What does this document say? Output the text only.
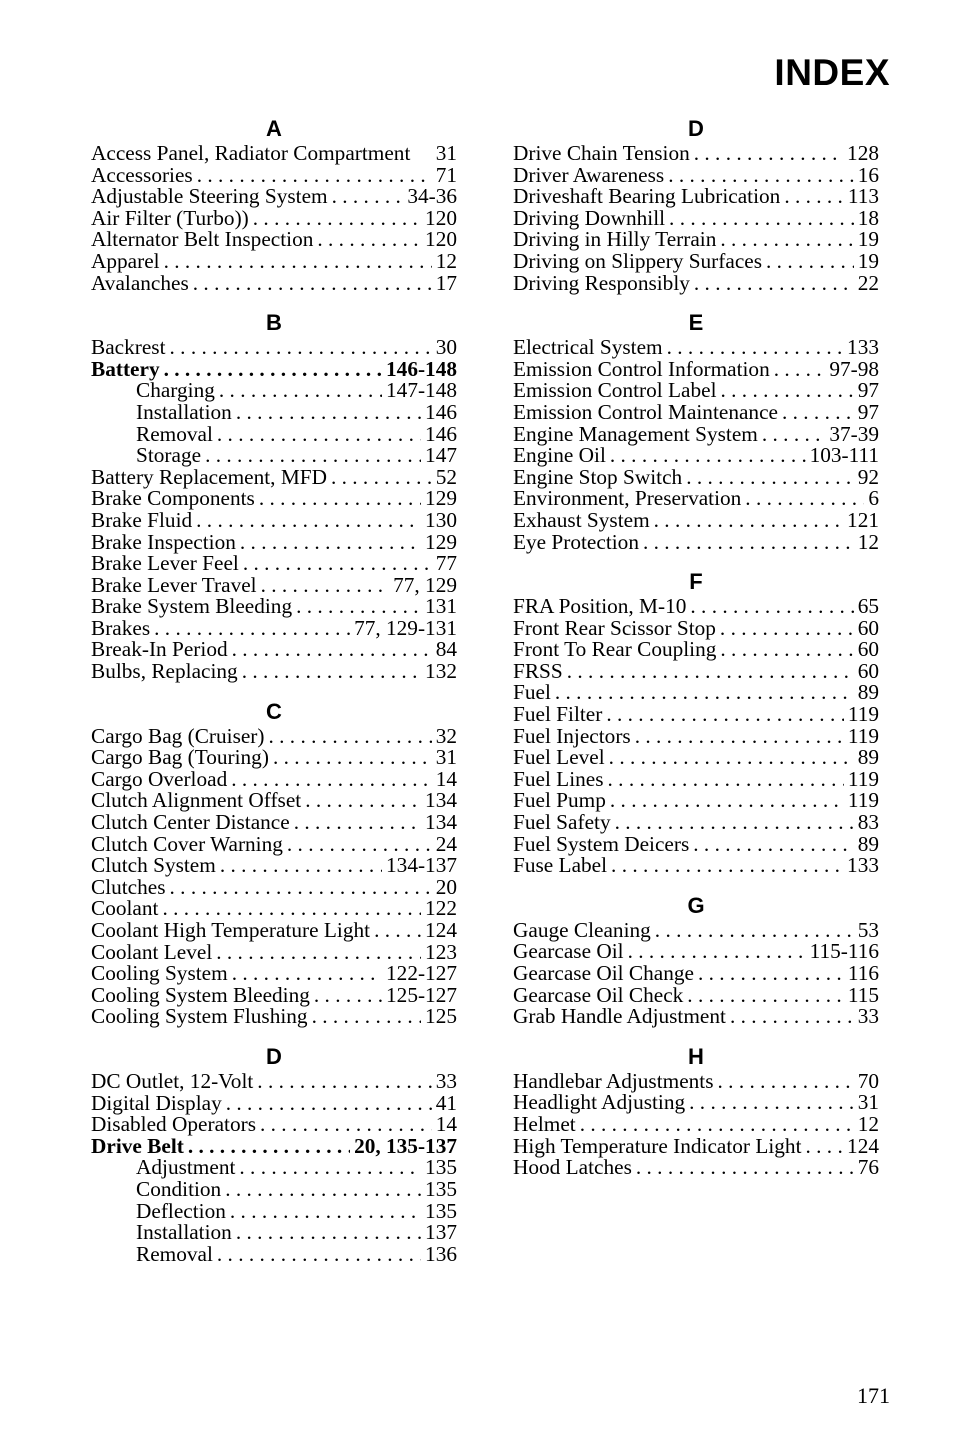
INDEX
A
Access Panel, Radiator Compartment 31
Accessories . . .	71
Adjustable Steering System . . .	34-36
Air Filter (Turbo)) . . .	120
Alternator Belt Inspection . . .	120
Apparel . . .	12
Avalanches . . .	17
B
Backrest . . .	30
Battery . . .	146-148
Charging . . .	147-148
Installation . . .	146
Removal . . .	146
Storage . . .	147
Battery Replacement, MFD . . .	52
Brake Components . . .	129
Brake Fluid . . .	130
Brake Inspection . . .	129
Brake Lever Feel . . .	77
Brake Lever Travel . . .	77, 129
Brake System Bleeding . . .	131
Brakes . . .	77, 129-131
Break-In Period . . .	84
Bulbs, Replacing . . .	132
C
Cargo Bag (Cruiser) . . .	32
Cargo Bag (Touring) . . .	31
Cargo Overload . . .	14
Clutch Alignment Offset . . .	134
Clutch Center Distance . . .	134
Clutch Cover Warning . . .	24
Clutch System . . .	134-137
Clutches . . .	20
Coolant . . .	122
Coolant High Temperature Light . . .	124
Coolant Level . . .	123
Cooling System . . .	122-127
Cooling System Bleeding . . .	125-127
Cooling System Flushing . . .	125
D
DC Outlet, 12-Volt . . .	33
Digital Display . . .	41
Disabled Operators . . .	14
Drive Belt . . .	20, 135-137
Adjustment . . .	135
Condition . . .	135
Deflection . . .	135
Installation . . .	137
Removal . . .	136
D
Drive Chain Tension . . .	128
Driver Awareness . . .	16
Driveshaft Bearing Lubrication . . .	113
Driving Downhill . . .	18
Driving in Hilly Terrain . . .	19
Driving on Slippery Surfaces . . .	19
Driving Responsibly . . .	22
E
Electrical System . . .	133
Emission Control Information . . .	97-98
Emission Control Label . . .	97
Emission Control Maintenance . . .	97
Engine Management System . . .	37-39
Engine Oil . . .	103-111
Engine Stop Switch . . .	92
Environment, Preservation . . .	6
Exhaust System . . .	121
Eye Protection . . .	12
F
FRA Position, M-10 . . .	65
Front Rear Scissor Stop . . .	60
Front To Rear Coupling . . .	60
FRSS . . .	60
Fuel . . .	89
Fuel Filter . . .	119
Fuel Injectors . . .	119
Fuel Level . . .	89
Fuel Lines . . .	119
Fuel Pump . . .	119
Fuel Safety . . .	83
Fuel System Deicers . . .	89
Fuse Label . . .	133
G
Gauge Cleaning . . .	53
Gearcase Oil . . .	115-116
Gearcase Oil Change . . .	116
Gearcase Oil Check . . .	115
Grab Handle Adjustment . . .	33
H
Handlebar Adjustments . . .	70
Headlight Adjusting . . .	31
Helmet . . .	12
High Temperature Indicator Light . . . 124
Hood Latches . . .	76
171
